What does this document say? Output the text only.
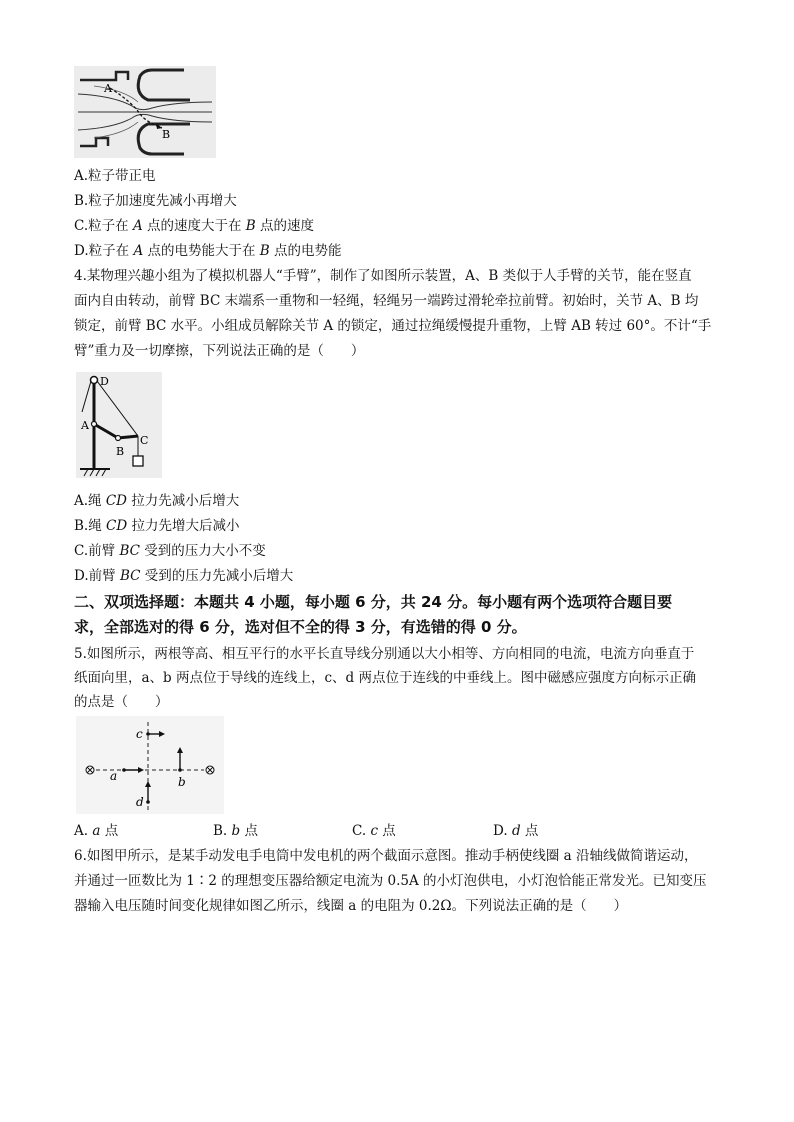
A
B
A.粒子带正电
B.粒子加速度先减小再增大
C.粒子在 A 点的速度大于在 B 点的速度
D.粒子在 A 点的电势能大于在 B 点的电势能
4.某物理兴趣小组为了模拟机器人“手臂”，制作了如图所示装置，A、B 类似于人手臂的关节，能在竖直
面内自由转动，前臂 BC 末端系一重物和一轻绳，轻绳另一端跨过滑轮牵拉前臂。初始时，关节 A、B 均
锁定，前臂 BC 水平。小组成员解除关节 A 的锁定，通过拉绳缓慢提升重物，上臂 AB 转过 60°。不计“手
臂”重力及一切摩擦，下列说法正确的是（　　）
D
A
B
C
A.绳 CD 拉力先减小后增大
B.绳 CD 拉力先增大后减小
C.前臂 BC 受到的压力大小不变
D.前臂 BC 受到的压力先减小后增大
二、双项选择题：本题共 4 小题，每小题 6 分，共 24 分。每小题有两个选项符合题目要
求，全部选对的得 6 分，选对但不全的得 3 分，有选错的得 0 分。
5.如图所示，两根等高、相互平行的水平长直导线分别通以大小相等、方向相同的电流，电流方向垂直于
纸面向里，a、b 两点位于导线的连线上，c、d 两点位于连线的中垂线上。图中磁感应强度方向标示正确
的点是（　　）
a	b
c
d
A. a 点	B. b 点	C. c 点	D. d 点
6.如图甲所示，是某手动发电手电筒中发电机的两个截面示意图。推动手柄使线圈 a 沿轴线做简谐运动，
并通过一匝数比为 1∶2 的理想变压器给额定电流为 0.5A 的小灯泡供电，小灯泡恰能正常发光。已知变压
器输入电压随时间变化规律如图乙所示，线圈 a 的电阻为 0.2Ω。下列说法正确的是（　　）
